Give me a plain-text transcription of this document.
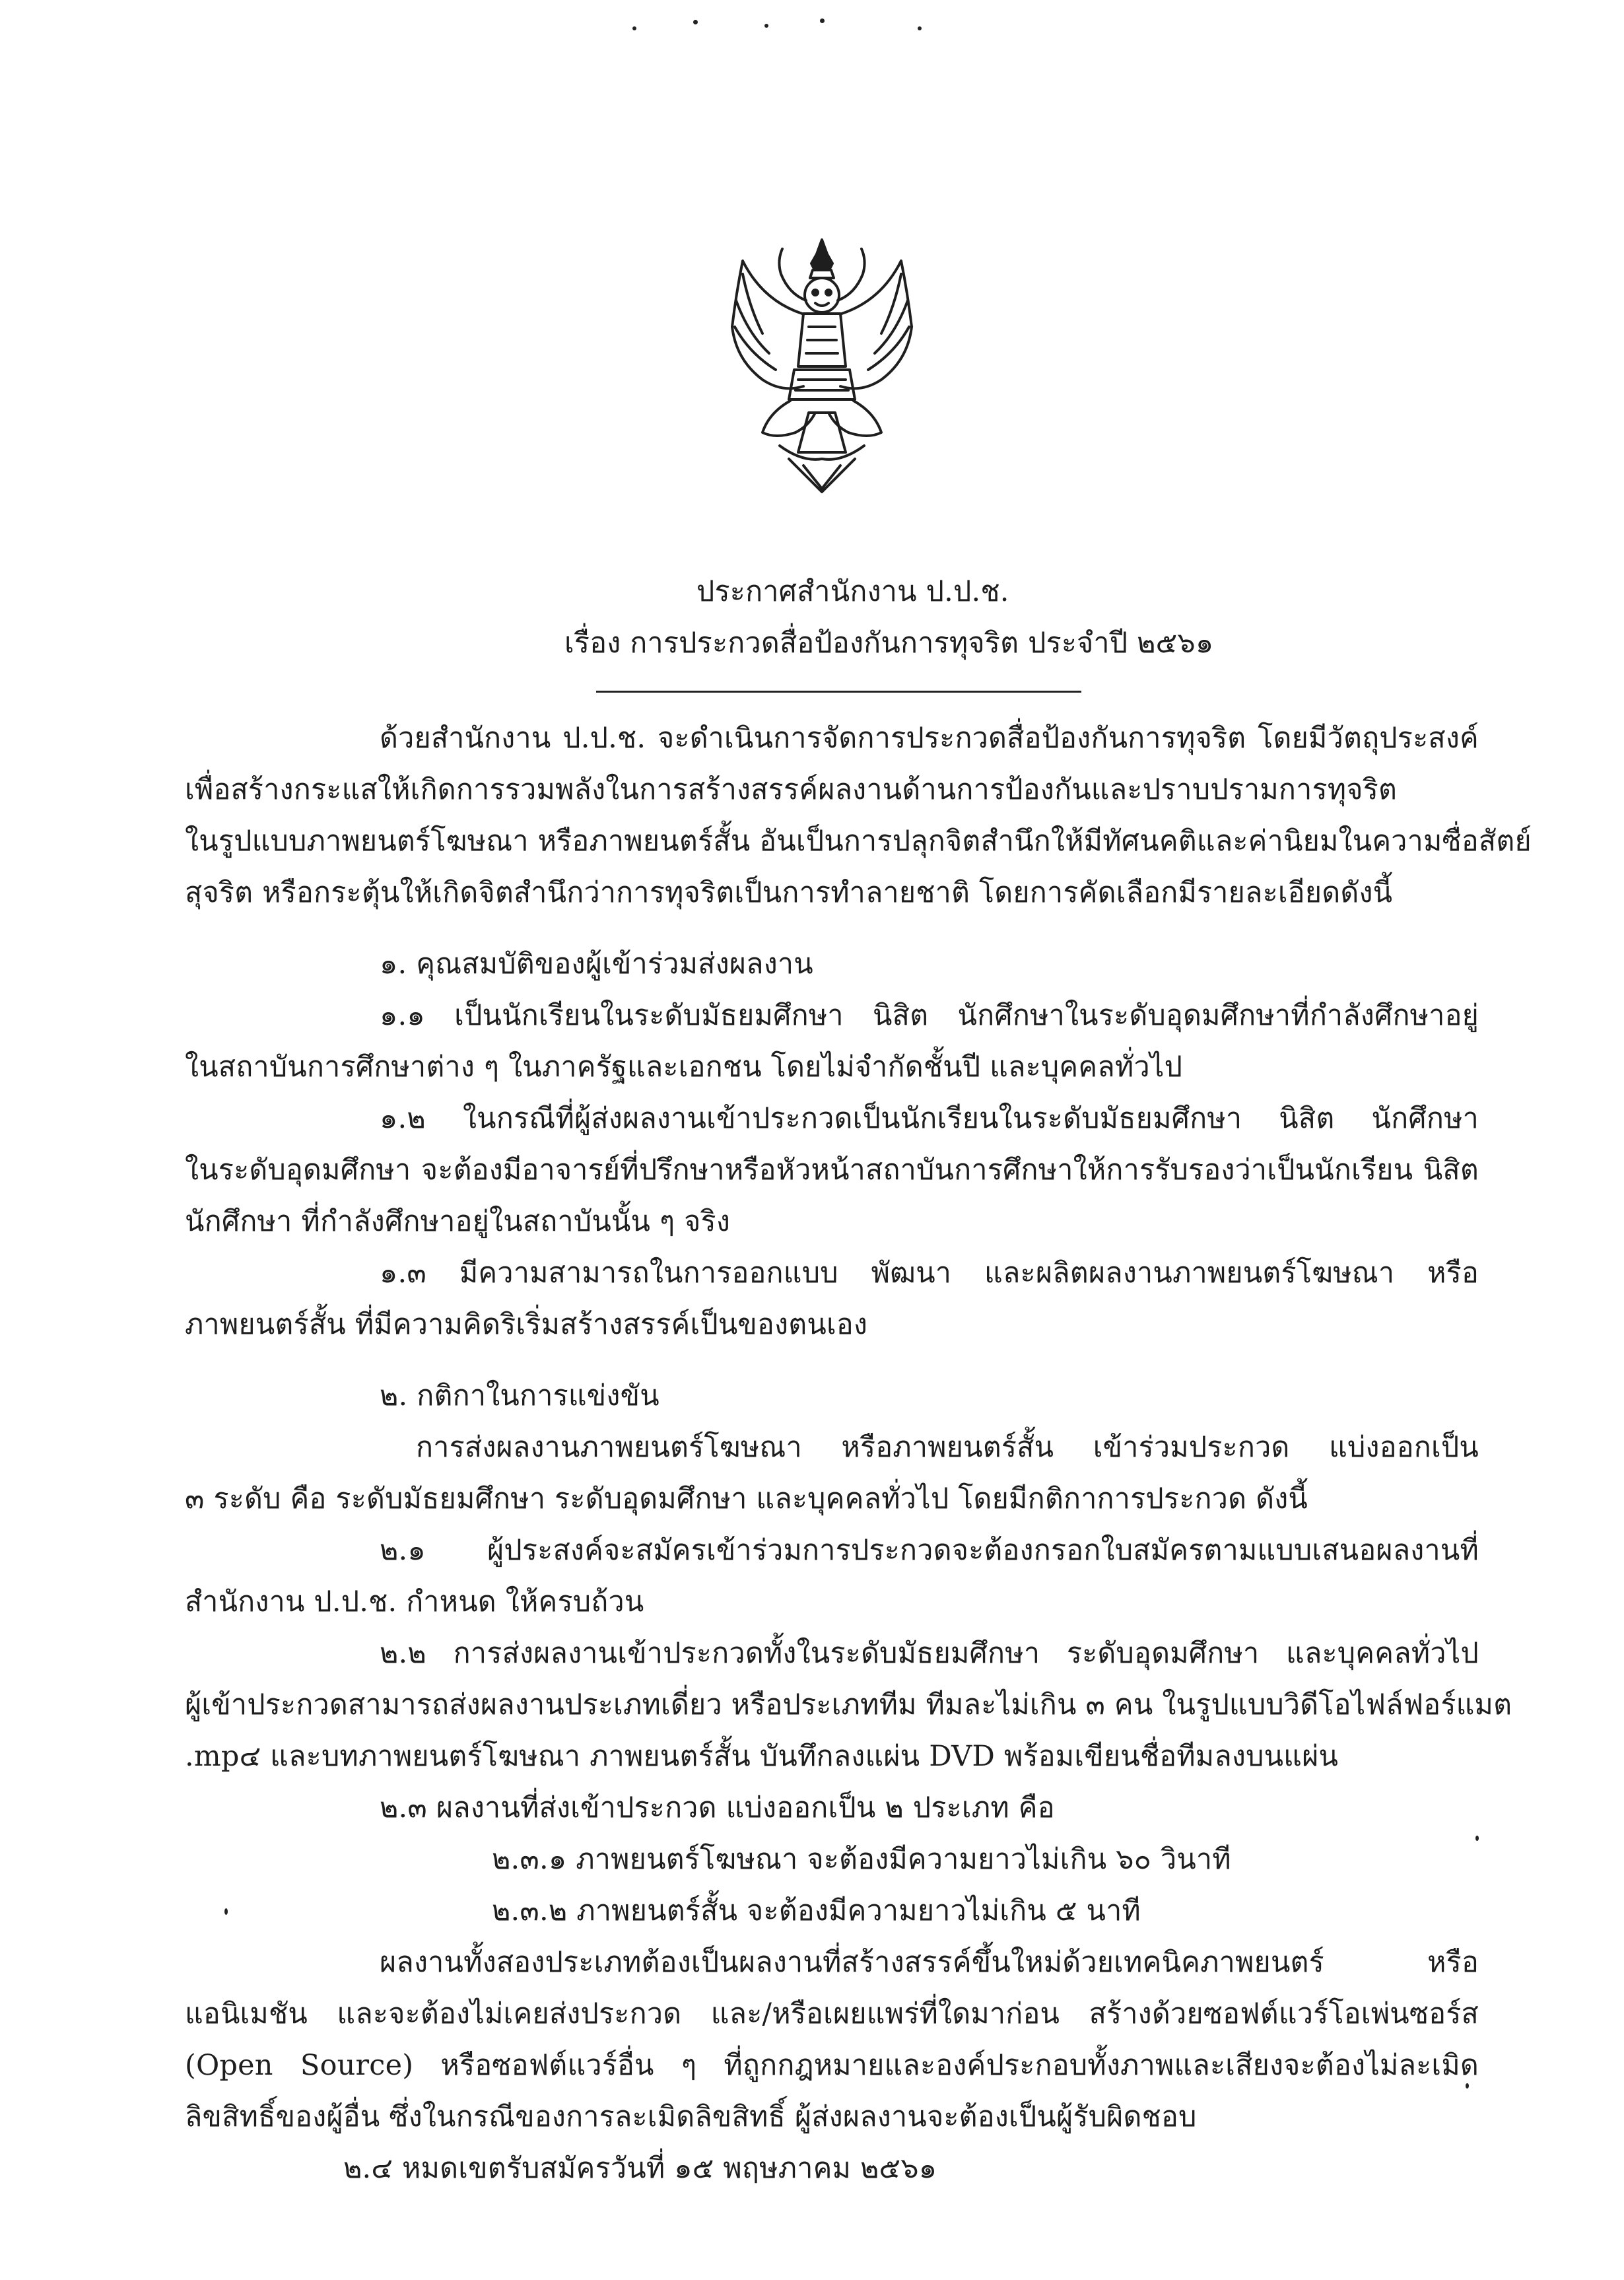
ประกาศสำนักงาน ป.ป.ช.
เรื่อง การประกวดสื่อป้องกันการทุจริต ประจำปี ๒๕๖๑
ด้วยสำนักงาน ป.ป.ช. จะดำเนินการจัดการประกวดสื่อป้องกันการทุจริต โดยมีวัตถุประสงค์
เพื่อสร้างกระแสให้เกิดการรวมพลังในการสร้างสรรค์ผลงานด้านการป้องกันและปราบปรามการทุจริต
ในรูปแบบภาพยนตร์โฆษณา หรือภาพยนตร์สั้น อันเป็นการปลุกจิตสำนึกให้มีทัศนคติและค่านิยมในความซื่อสัตย์
สุจริต หรือกระตุ้นให้เกิดจิตสำนึกว่าการทุจริตเป็นการทำลายชาติ โดยการคัดเลือกมีรายละเอียดดังนี้
๑. คุณสมบัติของผู้เข้าร่วมส่งผลงาน
๑.๑ เป็นนักเรียนในระดับมัธยมศึกษา นิสิต นักศึกษาในระดับอุดมศึกษาที่กำลังศึกษาอยู่
ในสถาบันการศึกษาต่าง ๆ ในภาครัฐและเอกชน โดยไม่จำกัดชั้นปี และบุคคลทั่วไป
๑.๒ ในกรณีที่ผู้ส่งผลงานเข้าประกวดเป็นนักเรียนในระดับมัธยมศึกษา นิสิต นักศึกษา
ในระดับอุดมศึกษา จะต้องมีอาจารย์ที่ปรึกษาหรือหัวหน้าสถาบันการศึกษาให้การรับรองว่าเป็นนักเรียน นิสิต
นักศึกษา ที่กำลังศึกษาอยู่ในสถาบันนั้น ๆ จริง
๑.๓ มีความสามารถในการออกแบบ พัฒนา และผลิตผลงานภาพยนตร์โฆษณา หรือ
ภาพยนตร์สั้น ที่มีความคิดริเริ่มสร้างสรรค์เป็นของตนเอง
๒. กติกาในการแข่งขัน
การส่งผลงานภาพยนตร์โฆษณา หรือภาพยนตร์สั้น เข้าร่วมประกวด แบ่งออกเป็น
๓ ระดับ คือ ระดับมัธยมศึกษา ระดับอุดมศึกษา และบุคคลทั่วไป โดยมีกติกาการประกวด ดังนี้
๒.๑ ผู้ประสงค์จะสมัครเข้าร่วมการประกวดจะต้องกรอกใบสมัครตามแบบเสนอผลงานที่
สำนักงาน ป.ป.ช. กำหนด ให้ครบถ้วน
๒.๒ การส่งผลงานเข้าประกวดทั้งในระดับมัธยมศึกษา ระดับอุดมศึกษา และบุคคลทั่วไป
ผู้เข้าประกวดสามารถส่งผลงานประเภทเดี่ยว หรือประเภททีม ทีมละไม่เกิน ๓ คน ในรูปแบบวิดีโอไฟล์ฟอร์แมต
.mp๔ และบทภาพยนตร์โฆษณา ภาพยนตร์สั้น บันทึกลงแผ่น DVD พร้อมเขียนชื่อทีมลงบนแผ่น
๒.๓ ผลงานที่ส่งเข้าประกวด แบ่งออกเป็น ๒ ประเภท คือ
๒.๓.๑ ภาพยนตร์โฆษณา จะต้องมีความยาวไม่เกิน ๖๐ วินาที
๒.๓.๒ ภาพยนตร์สั้น จะต้องมีความยาวไม่เกิน ๕ นาที
ผลงานทั้งสองประเภทต้องเป็นผลงานที่สร้างสรรค์ขึ้นใหม่ด้วยเทคนิคภาพยนตร์ หรือ
แอนิเมชัน และจะต้องไม่เคยส่งประกวด และ/หรือเผยแพร่ที่ใดมาก่อน สร้างด้วยซอฟต์แวร์โอเพ่นซอร์ส
(Open Source) หรือซอฟต์แวร์อื่น ๆ ที่ถูกกฎหมายและองค์ประกอบทั้งภาพและเสียงจะต้องไม่ละเมิด
ลิขสิทธิ์ของผู้อื่น ซึ่งในกรณีของการละเมิดลิขสิทธิ์ ผู้ส่งผลงานจะต้องเป็นผู้รับผิดชอบ
๒.๔ หมดเขตรับสมัครวันที่ ๑๕ พฤษภาคม ๒๕๖๑
